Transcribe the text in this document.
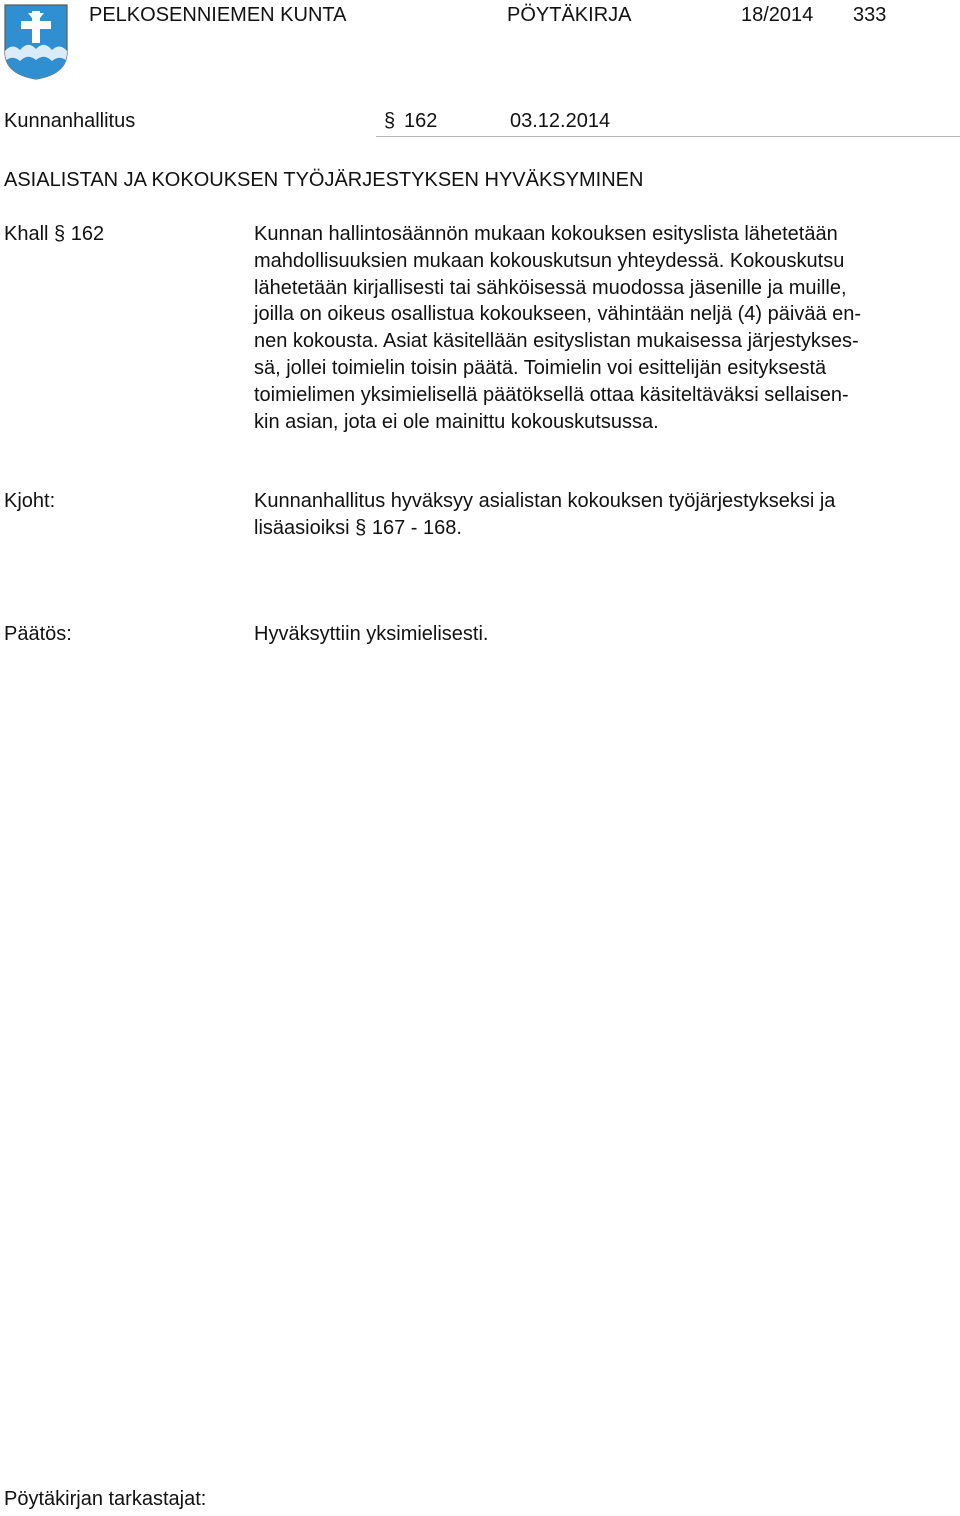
PELKOSENNIEMEN KUNTA	PÖYTÄKIRJA	18/2014 333
Kunnanhallitus	§ 162	03.12.2014
ASIALISTAN JA KOKOUKSEN TYÖJÄRJESTYKSEN HYVÄKSYMINEN
Khall § 162	Kunnan hallintosäännön mukaan kokouksen esityslista lähetetään
mahdollisuuksien mukaan kokouskutsun yhteydessä. Kokouskutsu
lähetetään kirjallisesti tai sähköisessä muodossa jäsenille ja muille,
joilla on oikeus osallistua kokoukseen, vähintään neljä (4) päivää en-
nen kokousta. Asiat käsitellään esityslistan mukaisessa järjestykses-
sä, jollei toimielin toisin päätä. Toimielin voi esittelijän esityksestä
toimielimen yksimielisellä päätöksellä ottaa käsiteltäväksi sellaisen-
kin asian, jota ei ole mainittu kokouskutsussa.
Kjoht:	Kunnanhallitus hyväksyy asialistan kokouksen työjärjestykseksi ja
lisäasioiksi § 167 - 168.
Päätös:	Hyväksyttiin yksimielisesti.
Pöytäkirjan tarkastajat:
